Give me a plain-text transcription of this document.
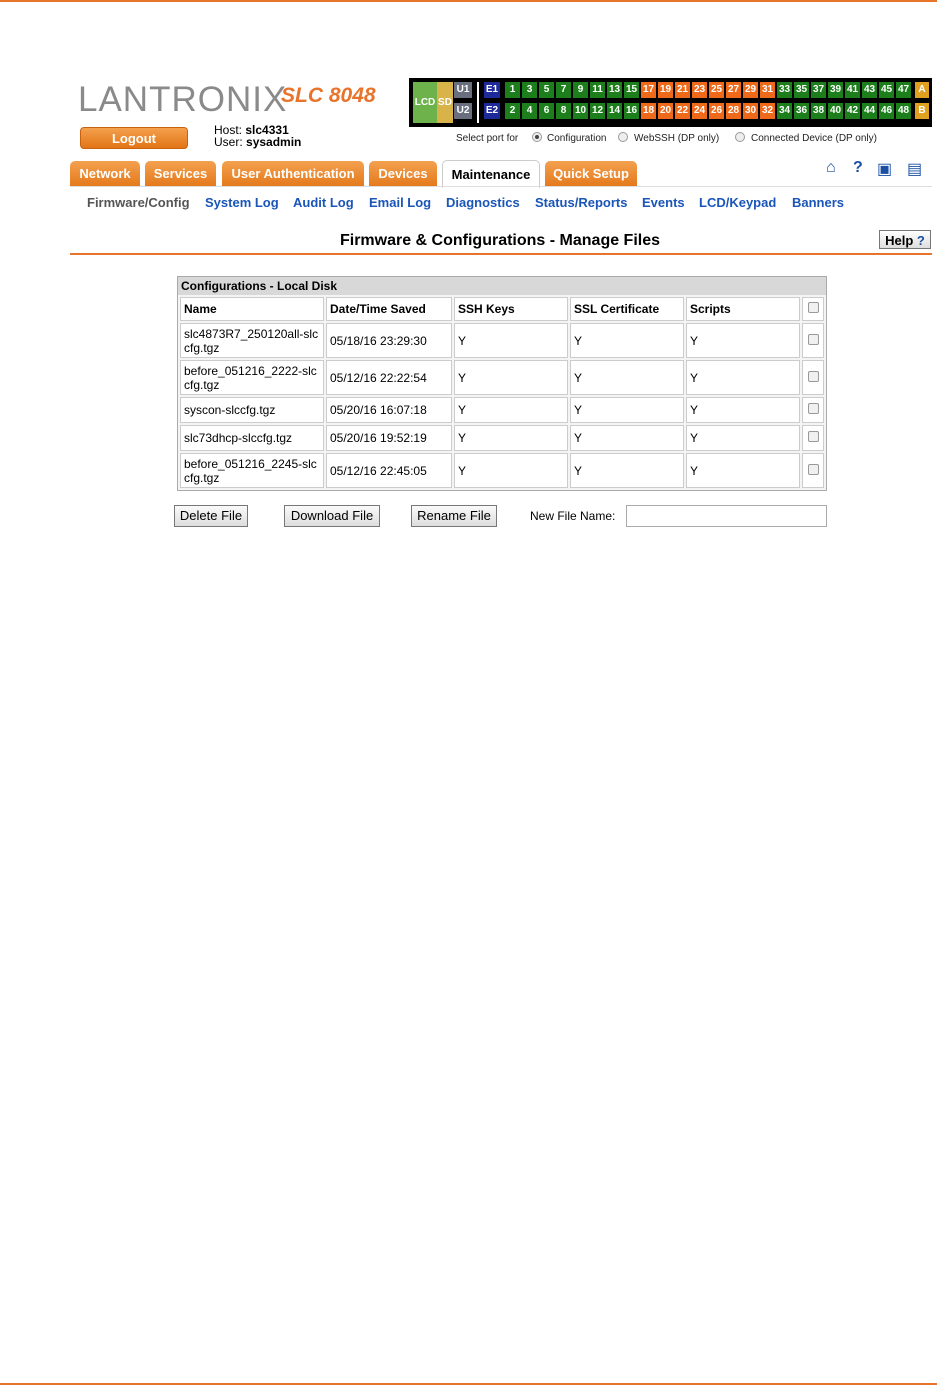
LANTRONIX
SLC 8048
Logout
Host: slc4331
User: sysadmin
LCD SD
U1
U2
E1
E2
1	3	5	7	9 11 13 15 17 19 21 23 25 27 29 31 33 35 37 39 41 43 45 47
2	4	6	8 10 12 14 16 18 20 22 24 26 28 30 32 34 36 38 40 42 44 46 48
A
B
Select port for	Configuration	WebSSH (DP only)	Connected Device (DP only)
Network	Services	User Authentication	Devices	Maintenance	Quick Setup	⌂ ? ▣ ▤
Firmware/Config System Log Audit Log Email Log Diagnostics Status/Reports Events LCD/Keypad Banners
Firmware & Configurations - Manage Files	Help ?
Configurations - Local Disk
Name	Date/Time Saved	SSH Keys	SSL Certificate	Scripts	
slc4873R7_250120all-slccfg.tgz	05/18/16 23:29:30	Y	Y	Y	
before_051216_2222-slccfg.tgz	05/12/16 22:22:54	Y	Y	Y	
syscon-slccfg.tgz	05/20/16 16:07:18	Y	Y	Y	
slc73dhcp-slccfg.tgz	05/20/16 19:52:19	Y	Y	Y	
before_051216_2245-slccfg.tgz	05/12/16 22:45:05	Y	Y	Y	
Delete File	Download File	Rename File	New File Name:
